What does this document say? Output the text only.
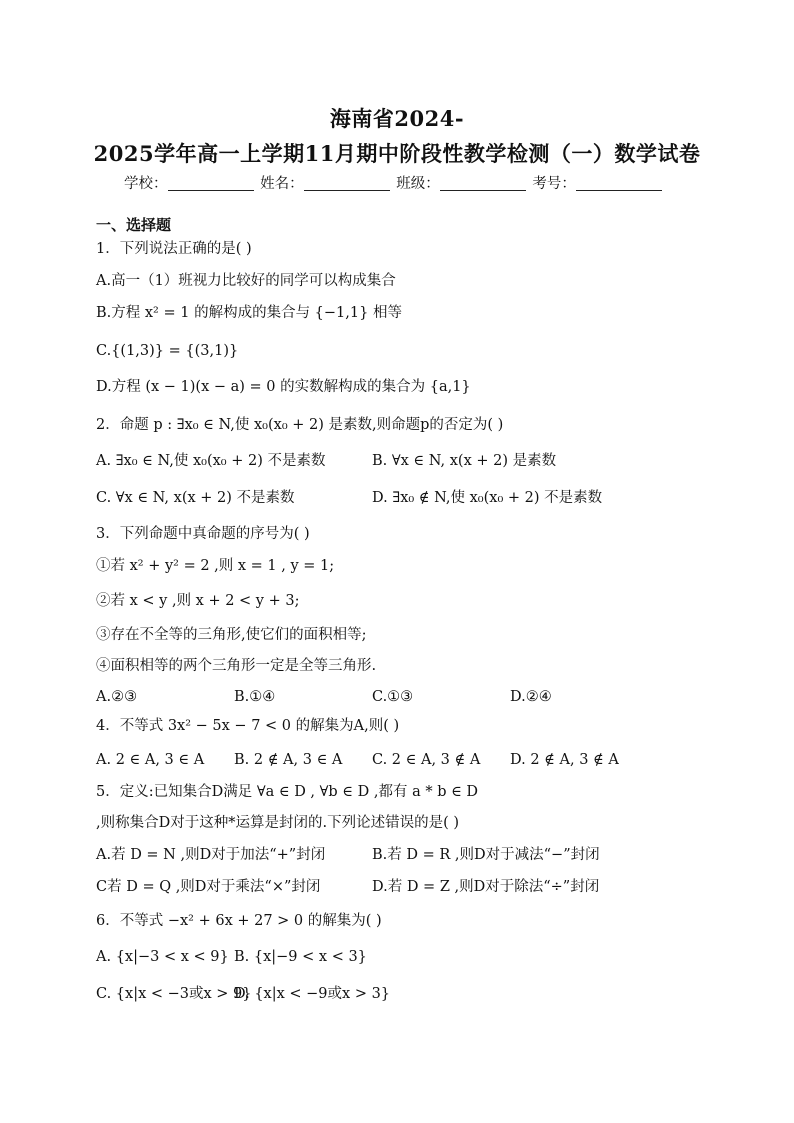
海南省2024-
2025学年高一上学期11月期中阶段性教学检测（一）数学试卷
学校：	姓名：	班级：	考号：
一、选择题
1．下列说法正确的是( )
A.高一（1）班视力比较好的同学可以构成集合
B.方程 x² = 1 的解构成的集合与 {−1,1} 相等
C.{(1,3)} = {(3,1)}
D.方程 (x − 1)(x − a) = 0 的实数解构成的集合为 {a,1}
2．命题 p : ∃x₀ ∈ N,使 x₀(x₀ + 2) 是素数,则命题p的否定为( )
A. ∃x₀ ∈ N,使 x₀(x₀ + 2) 不是素数	B. ∀x ∈ N, x(x + 2) 是素数
C. ∀x ∈ N, x(x + 2) 不是素数	D. ∃x₀ ∉ N,使 x₀(x₀ + 2) 不是素数
3．下列命题中真命题的序号为( )
①若 x² + y² = 2 ,则 x = 1 , y = 1;
②若 x < y ,则 x + 2 < y + 3;
③存在不全等的三角形,使它们的面积相等;
④面积相等的两个三角形一定是全等三角形.
A.②③	B.①④	C.①③	D.②④
4．不等式 3x² − 5x − 7 < 0 的解集为A,则( )
A. 2 ∈ A, 3 ∈ A B. 2 ∉ A, 3 ∈ A C. 2 ∈ A, 3 ∉ A D. 2 ∉ A, 3 ∉ A
5．定义:已知集合D满足 ∀a ∈ D , ∀b ∈ D ,都有 a * b ∈ D
,则称集合D对于这种*运算是封闭的.下列论述错误的是( )
A.若 D = N ,则D对于加法“+”封闭	B.若 D = R ,则D对于减法“−”封闭
C若 D = Q ,则D对于乘法“×”封闭	D.若 D = Z ,则D对于除法“÷”封闭
6．不等式 −x² + 6x + 27 > 0 的解集为( )
A. {x|−3 < x < 9} B. {x|−9 < x < 3}
C. {x|x < −3或x > 9}
D. {x|x < −9或x > 3}
